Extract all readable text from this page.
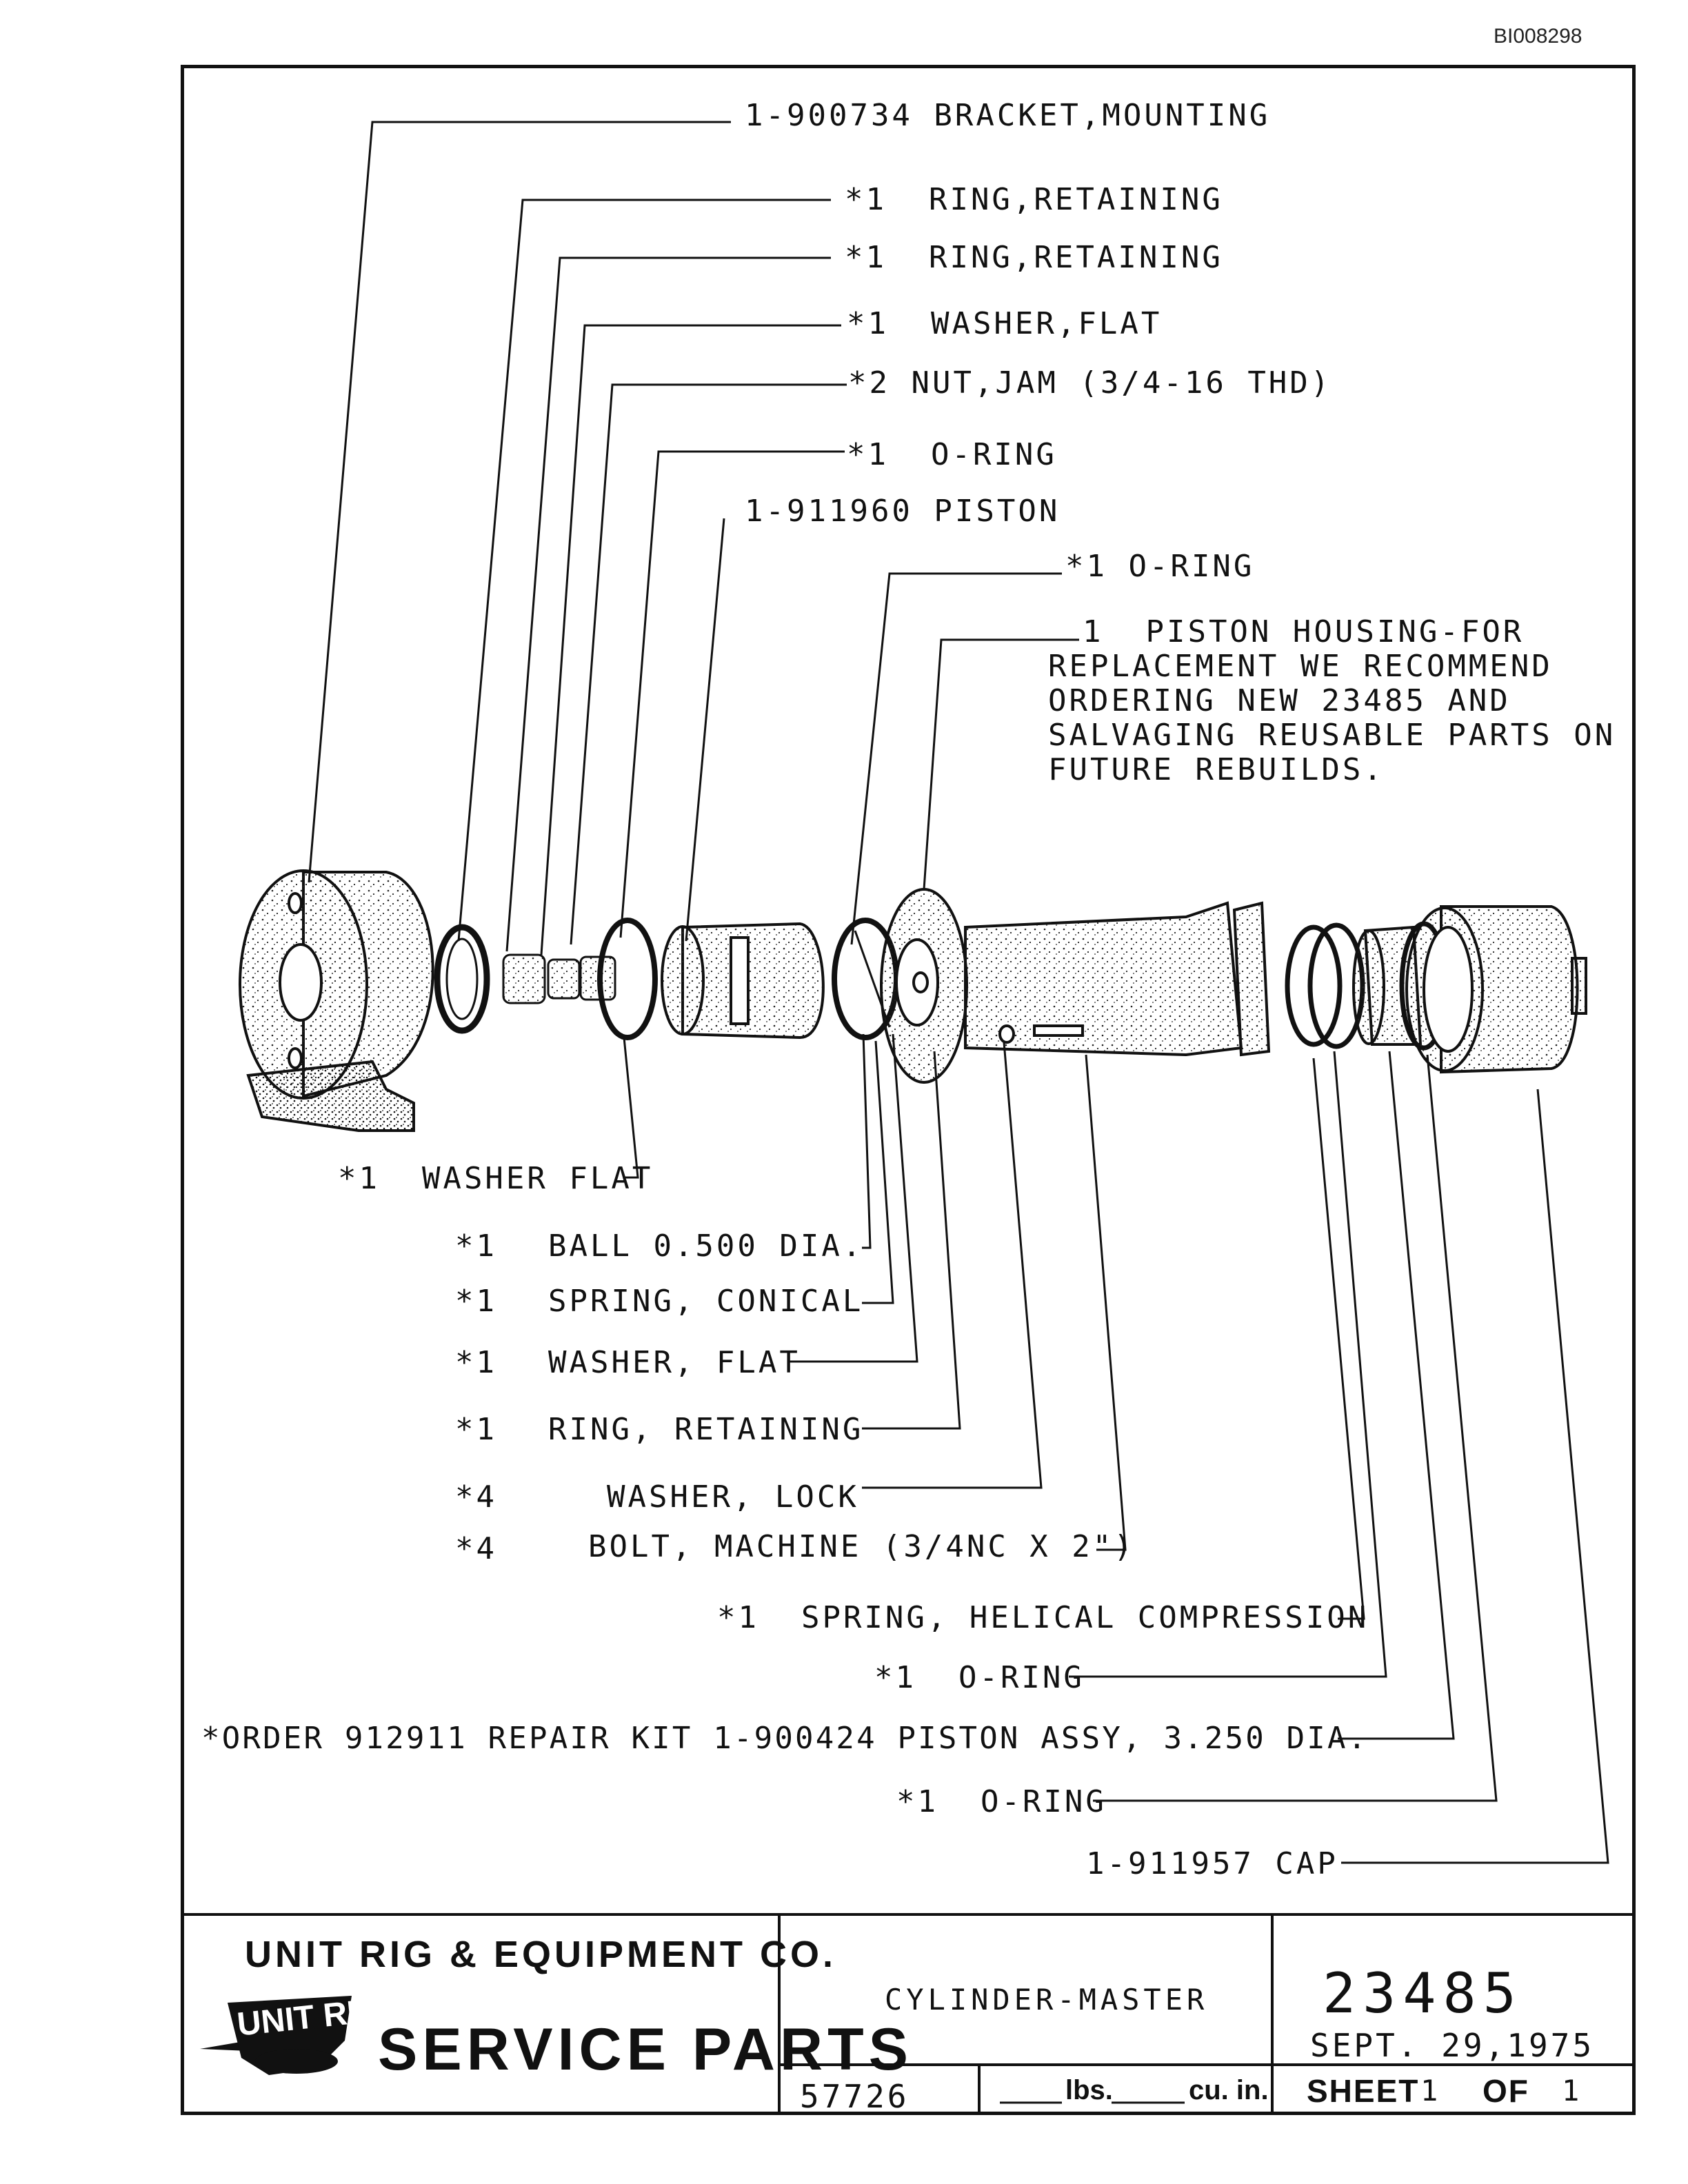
BI008298
UNIT RIG
1-900734 BRACKET,MOUNTING
*1  RING,RETAINING
*1  RING,RETAINING
*1  WASHER,FLAT
*2 NUT,JAM (3/4-16 THD)
*1  O-RING
1-911960 PISTON
*1 O-RING
1  PISTON HOUSING-FOR
REPLACEMENT WE RECOMMEND
ORDERING NEW 23485 AND
SALVAGING REUSABLE PARTS ON
FUTURE REBUILDS.
*1  WASHER FLAT
*1 BALL 0.500 DIA.
*1 SPRING, CONICAL
*1 WASHER, FLAT
*1 RING, RETAINING
*4	WASHER, LOCK
*4	BOLT, MACHINE (3/4NC X 2")
*1  SPRING, HELICAL COMPRESSION
*1  O-RING
*ORDER 912911 REPAIR KIT 1-900424 PISTON ASSY, 3.250 DIA.
*1  O-RING
1-911957 CAP
UNIT RIG & EQUIPMENT CO.
SERVICE PARTS
CYLINDER-MASTER 23485
SEPT. 29,1975
57726	lbs.	cu. in. SHEET 1 OF 1
